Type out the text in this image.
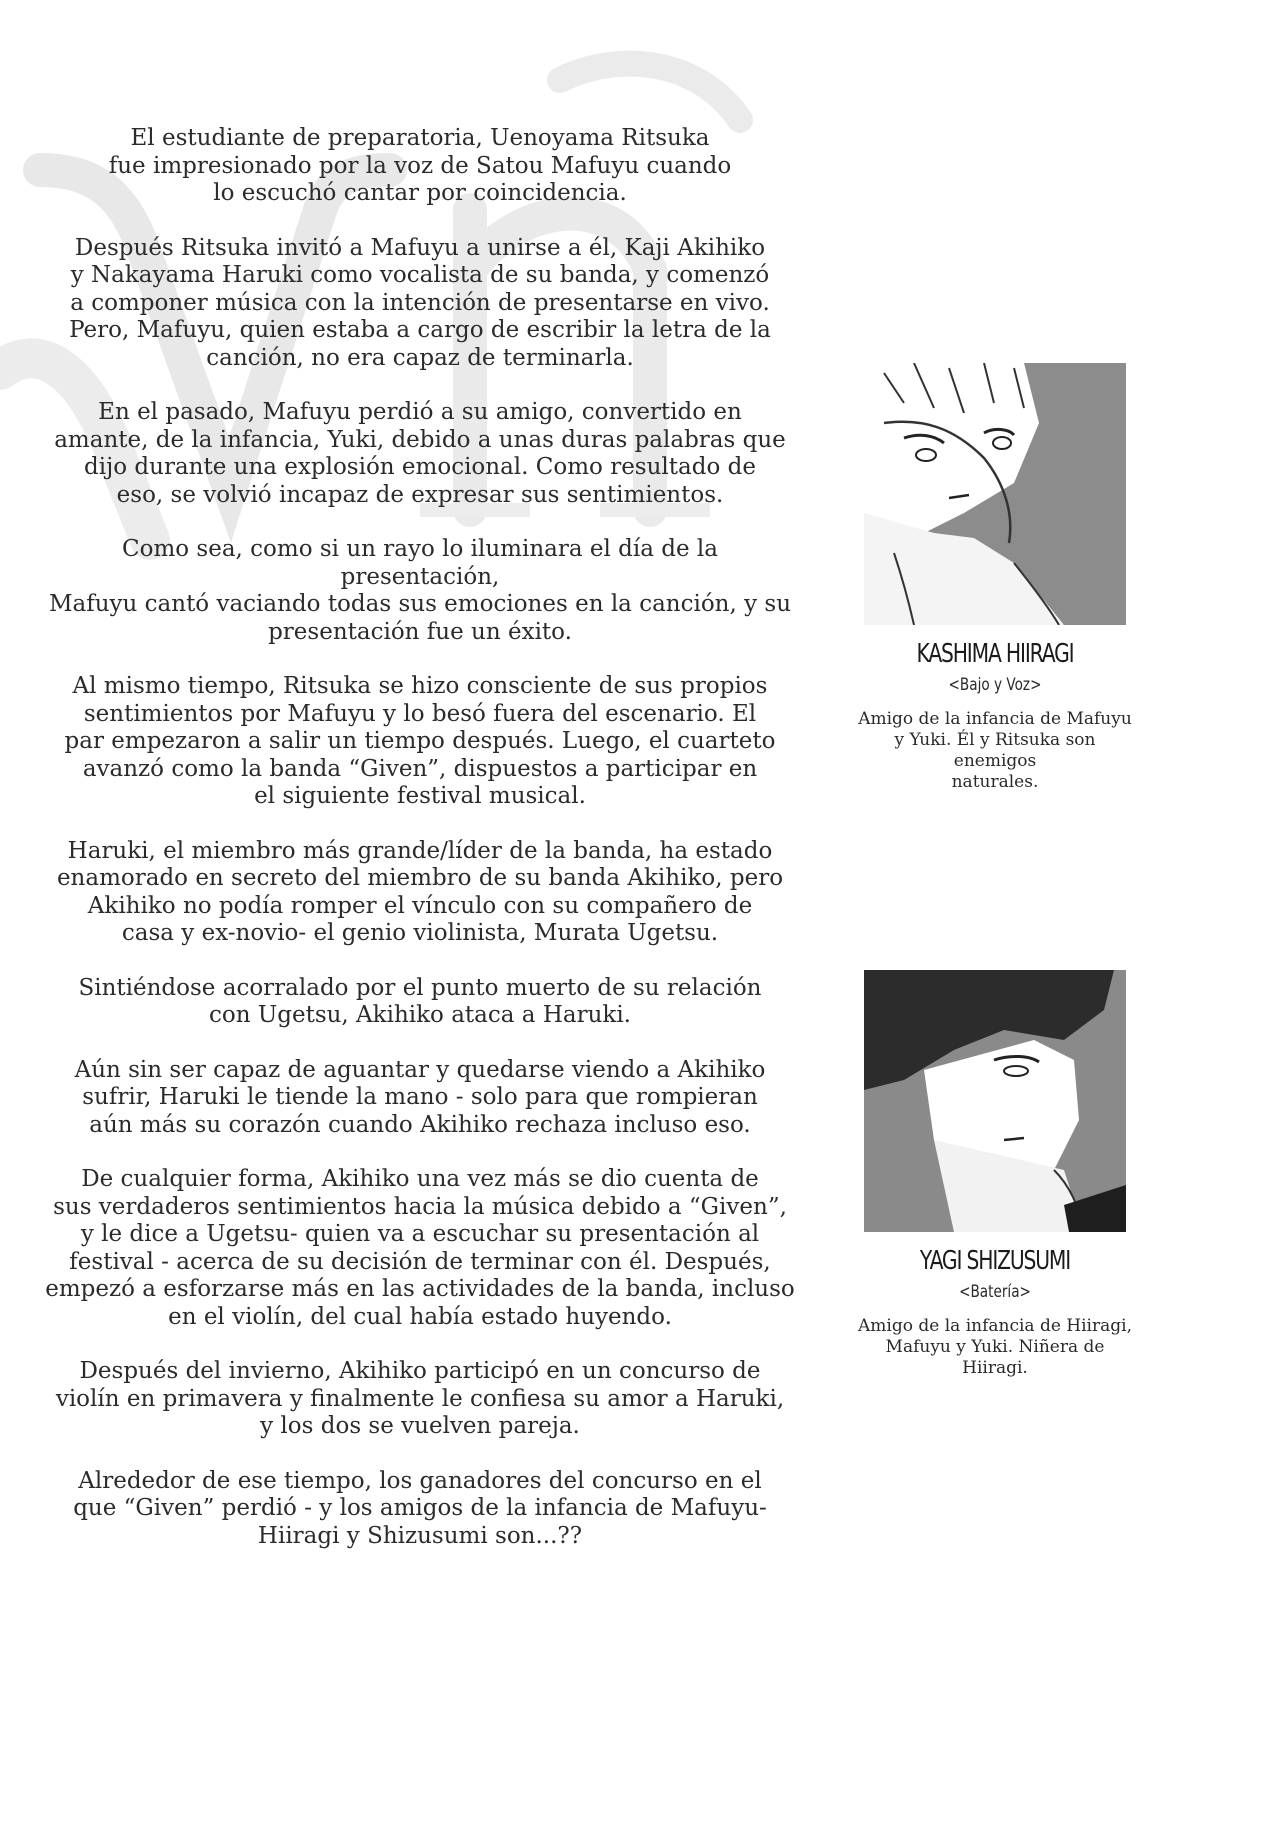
El estudiante de preparatoria, Uenoyama Ritsuka
fue impresionado por la voz de Satou Mafuyu cuando
lo escuchó cantar por coincidencia.

Después Ritsuka invitó a Mafuyu a unirse a él, Kaji Akihiko
y Nakayama Haruki como vocalista de su banda, y comenzó
a componer música con la intención de presentarse en vivo.
Pero, Mafuyu, quien estaba a cargo de escribir la letra de la
canción, no era capaz de terminarla.

En el pasado, Mafuyu perdió a su amigo, convertido en
amante, de la infancia, Yuki, debido a unas duras palabras que
dijo durante una explosión emocional. Como resultado de
eso, se volvió incapaz de expresar sus sentimientos.

Como sea, como si un rayo lo iluminara el día de la presentación,
Mafuyu cantó vaciando todas sus emociones en la canción, y su
presentación fue un éxito.

Al mismo tiempo, Ritsuka se hizo consciente de sus propios
sentimientos por Mafuyu y lo besó fuera del escenario. El
par empezaron a salir un tiempo después. Luego, el cuarteto
avanzó como la banda “Given”, dispuestos a participar en
el siguiente festival musical.

Haruki, el miembro más grande/líder de la banda, ha estado
enamorado en secreto del miembro de su banda Akihiko, pero
Akihiko no podía romper el vínculo con su compañero de
casa y ex-novio- el genio violinista, Murata Ugetsu.

Sintiéndose acorralado por el punto muerto de su relación
con Ugetsu, Akihiko ataca a Haruki.

Aún sin ser capaz de aguantar y quedarse viendo a Akihiko
sufrir, Haruki le tiende la mano - solo para que rompieran
aún más su corazón cuando Akihiko rechaza incluso eso.

De cualquier forma, Akihiko una vez más se dio cuenta de
sus verdaderos sentimientos hacia la música debido a “Given”,
y le dice a Ugetsu- quien va a escuchar su presentación al
festival - acerca de su decisión de terminar con él. Después,
empezó a esforzarse más en las actividades de la banda, incluso
en el violín, del cual había estado huyendo.

Después del invierno, Akihiko participó en un concurso de
violín en primavera y finalmente le confiesa su amor a Haruki,
y los dos se vuelven pareja.

Alrededor de ese tiempo, los ganadores del concurso en el
que “Given” perdió - y los amigos de la infancia de Mafuyu-
Hiiragi y Shizusumi son...??

KASHIMA HIIRAGI
<Bajo y Voz>
Amigo de la infancia de Mafuyu
y Yuki. Él y Ritsuka son enemigos
naturales.
YAGI SHIZUSUMI
<Batería>
Amigo de la infancia de Hiiragi,
Mafuyu y Yuki. Niñera de Hiiragi.
